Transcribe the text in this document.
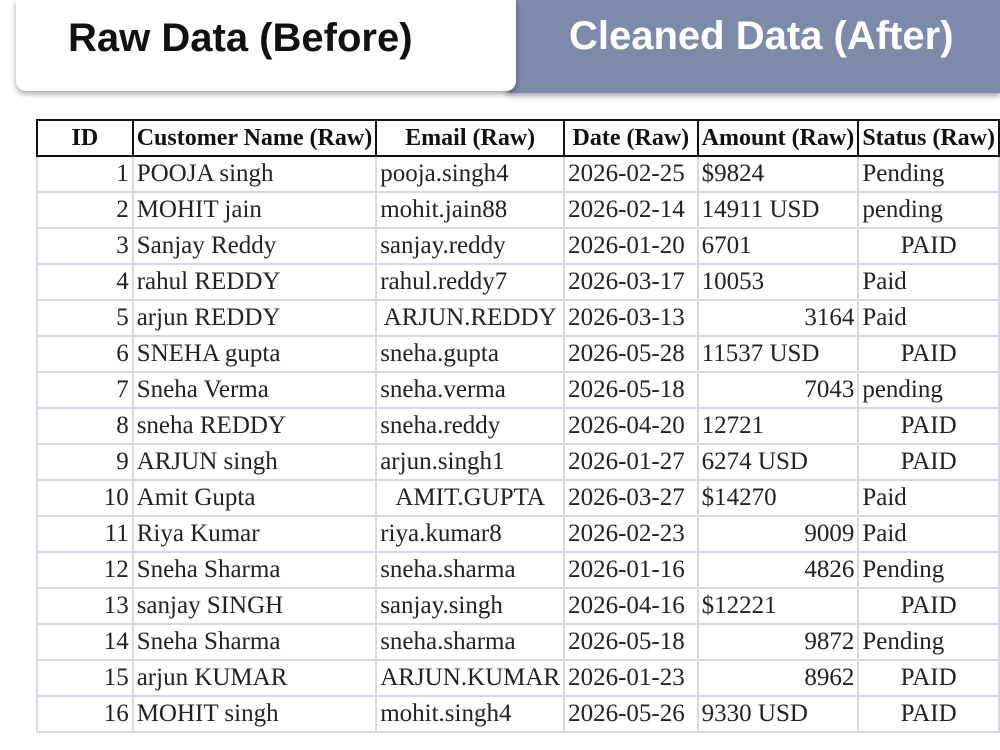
Cleaned Data (After)
Raw Data (Before)
ID	Customer Name (Raw)	Email (Raw)	Date (Raw)	Amount (Raw)	Status (Raw)
1	POOJA singh	pooja.singh4	2026-02-25	$9824	Pending
2	MOHIT jain	mohit.jain88	2026-02-14	14911 USD	pending
3	Sanjay Reddy	sanjay.reddy	2026-01-20	6701	PAID
4	rahul REDDY	rahul.reddy7	2026-03-17	10053	Paid
5	arjun REDDY	ARJUN.REDDY	2026-03-13	3164	Paid
6	SNEHA gupta	sneha.gupta	2026-05-28	11537 USD	PAID
7	Sneha Verma	sneha.verma	2026-05-18	7043	pending
8	sneha REDDY	sneha.reddy	2026-04-20	12721	PAID
9	ARJUN singh	arjun.singh1	2026-01-27	6274 USD	PAID
10	Amit Gupta	AMIT.GUPTA	2026-03-27	$14270	Paid
11	Riya Kumar	riya.kumar8	2026-02-23	9009	Paid
12	Sneha Sharma	sneha.sharma	2026-01-16	4826	Pending
13	sanjay SINGH	sanjay.singh	2026-04-16	$12221	PAID
14	Sneha Sharma	sneha.sharma	2026-05-18	9872	Pending
15	arjun KUMAR	ARJUN.KUMAR	2026-01-23	8962	PAID
16	MOHIT singh	mohit.singh4	2026-05-26	9330 USD	PAID
